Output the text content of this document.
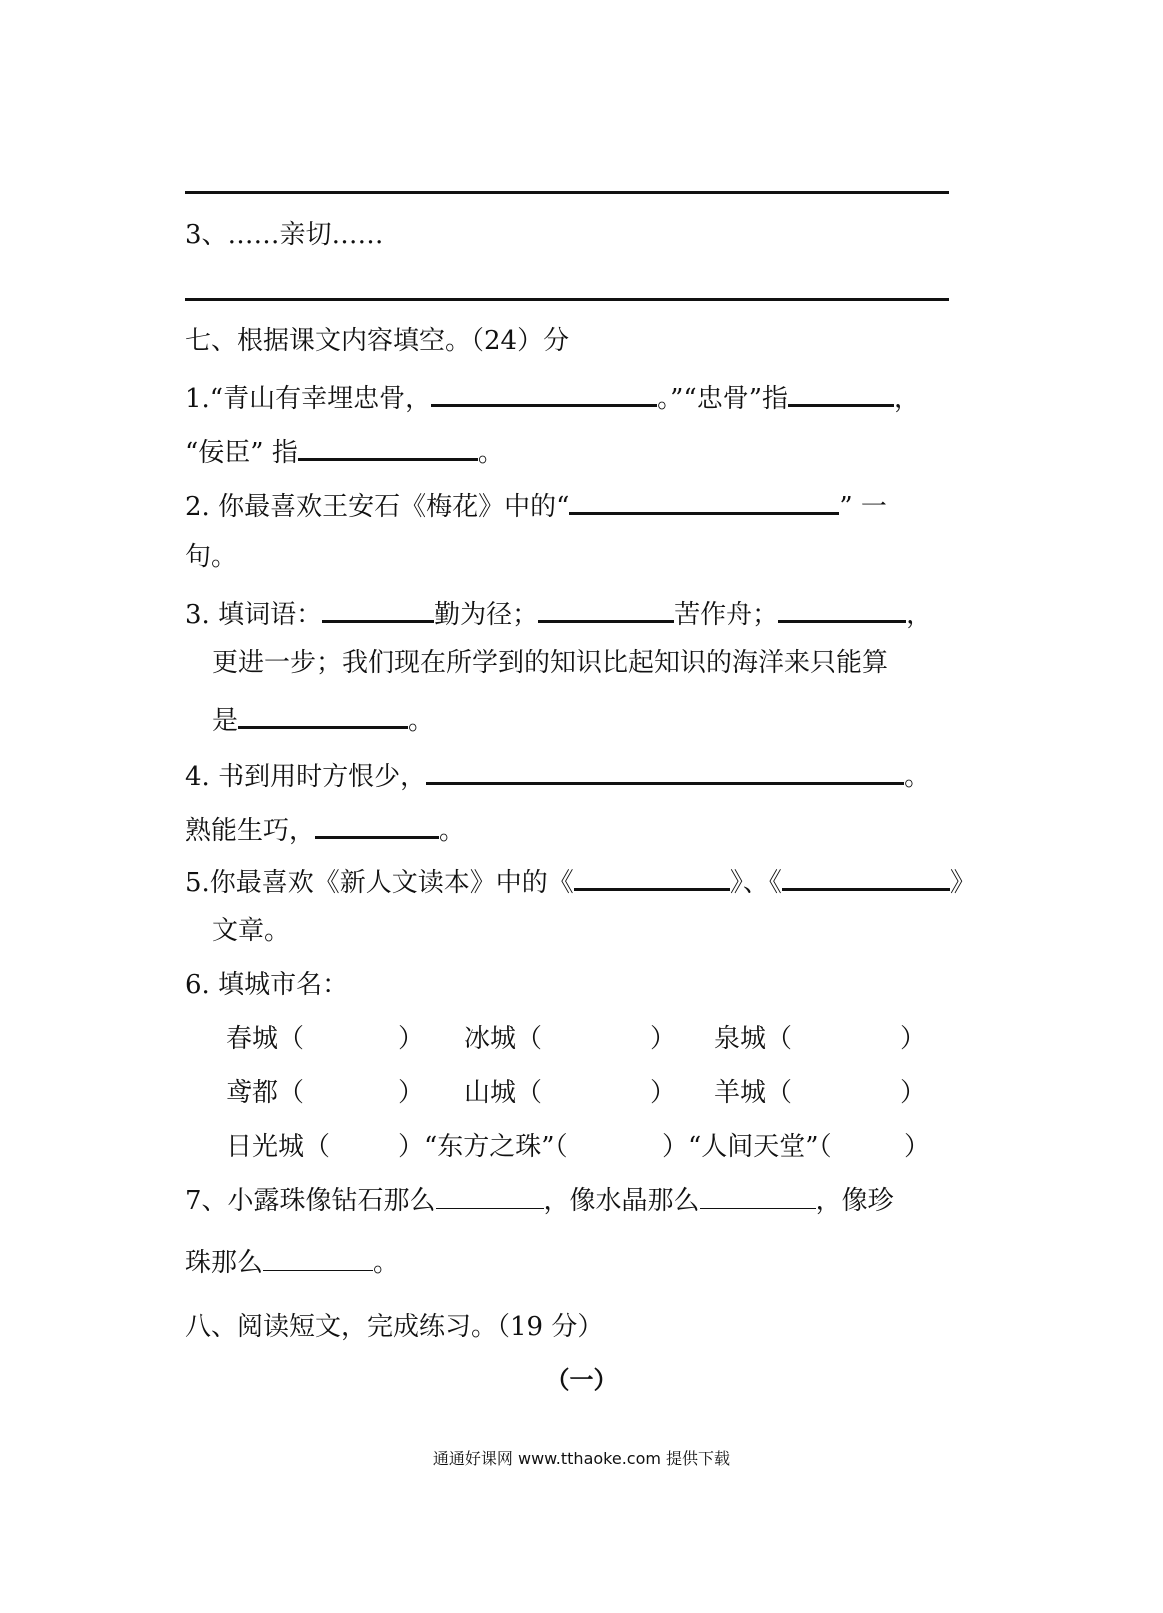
3、……亲切……
七、根据课文内容填空。（24）分
1.“青山有幸埋忠骨，	。”“忠骨”指	，
“佞臣” 指	。
2. 你最喜欢王安石《梅花》中的“	” 一
句。
3. 填词语：	勤为径；	苦作舟；	，
更进一步；我们现在所学到的知识比起知识的海洋来只能算
是	。
4. 书到用时方恨少，	。
熟能生巧，	。
5.你最喜欢《新人文读本》中的《	》、《	》
文章。
6. 填城市名：
春城（	） 冰城（	） 泉城（	）
鸢都（	） 山城（	） 羊城（	）
日光城（	）“东方之珠”（	）“人间天堂”（	）
7、小露珠像钻石那么	，像水晶那么	，像珍
珠那么	。
八、阅读短文，完成练习。（19 分）
（一）
通通好课网 www.tthaoke.com 提供下载
